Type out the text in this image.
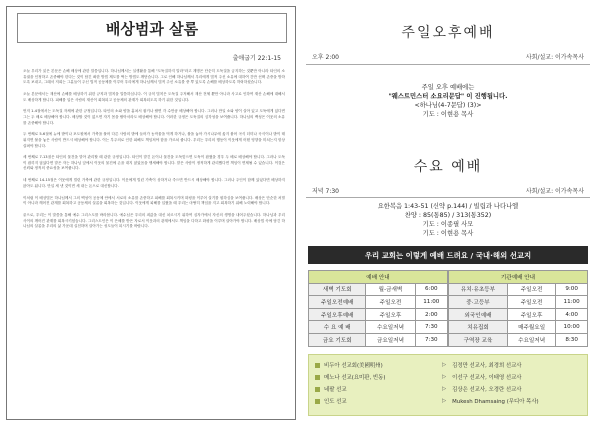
배상범과 살롬
출애굽기 22:1-15

오늘 우리가 읽은 본문은 손해 배상에 관한 말씀입니다. 하나님께서는 실생활을 통해 "도둑질하지 말라"라고 계명은 단순히 도둑질을 금지하는 것뿐만 아니라 타인의 소유권을 인정하고 존중해야 한다는 것이 담긴 좌한 방법 제도를 떡는 방법도 깨닫습니다. 그로 인해 하나님께서 우리에게 법적 주신 소유에 대하여 간만 선택 존중을 방하도록 보내고, 그래서 저희는 그분들이 주신 법적 공동체를 이루어 우리에게 하나님께서 법적 주신 소유를 중 뿌 있도록 손해를 배상하도록 허락하셨습니다.

오늘 본문에서는 재산에 손해를 배상하기 위한 규칙과 법칙을 말씀하십니다. 이 규칙 법칙은 도둑질 주저해서 재산 전체 뿐만 아니라 사고로 인하여 재산 손해에 대해서도 배상하게 합니다. 피해를 입은 사람의 재산이 회복되고 공동체의 관계가 회복되도록 하기 위한 것입니다.

먼저 1-4절에서는 도둑질 자체에 관한 규정입니다. 타인의 소와 양을 훔쳐서 잡거나 팔면 각 수만큼 배상해야 합니다. 그러나 만일 소와 양이 살아 있고 도둑에게 있다면 그는 두 배로 배상해야 합니다. 배상할 것이 없으면 자기 몸을 팔아서라도 배상해야 합니다. 이러한 규정은 도둑질의 심각성을 보여줍니다. 하나님의 백성은 이웃의 소유를 존중해야 합니다.

두 번째로 5-6절에 뉴에 밭이나 포도원에서 가축을 풀어 다른 사람의 밭에 들어가 농작물을 먹게 하거나, 불을 놓아 가시나무에 옮겨 붙어 곡식 더미나 곡식이나 밭이 태워지면 불을 놓은 사람이 반드시 배상해야 합니다. 이는 부주의로 인한 피해도 책임져야 함을 가르쳐 줍니다. 우리는 우리의 행동이 이웃에게 어떤 영향을 미치는지 항상 살펴야 합니다.

세 번째로 7-13절은 타인의 물건을 맡아 관리할 때 관한 규정입니다. 타인이 맡긴 돈이나 물건을 도둑맞으면 도둑이 잡혔을 경우 두 배로 배상해야 합니다. 그러나 도둑이 잡히지 않았다면 맡은 자는 하나님 앞에서 이웃의 물건에 손을 대지 않았음을 맹세해야 합니다. 맡은 사람이 정직하게 관리했다면 책임이 면제될 수 있습니다. 이것은 신뢰와 정직의 중요성을 보여줍니다.

네 번째로 14-15절은 이웃에게 빌린 가축에 관한 규정입니다. 이웃에게 빌린 가축이 상하거나 죽으면 반드시 배상해야 합니다. 그러나 주인이 함께 있었다면 배상하지 않아도 됩니다. 만일 세 낸 것이면 세 내는 돈으로 대신합니다.

이처럼 이 배상법은 하나님께서 그의 백성이 공동체 안에서 서로의 소유를 존중하고 피해를 회복시키며 화평을 이루어 살기를 원하심을 보여줍니다. 배상은 단순한 처벌이 아니라 깨어진 관계를 회복하고 공동체의 살롬을 회복하는 것입니다. 이웃에게 피해를 입혔을 때 우리는 마땅히 책임을 지고 회복하기 위해 노력해야 합니다.

끝으로, 우리는 이 말씀을 통해 예수 그리스도를 바라봅니다. 예수님은 우리의 죄값을 대신 치르시기 위하여 십자가에서 자신의 생명을 내어주셨습니다. 하나님과 우리 사이의 깨어진 관계를 회복시키셨습니다. 그리스도인은 이 은혜를 받은 자로서 이웃과의 관계에서도 책임을 다하고 화평을 이루며 살아가야 합니다. 배상법 속에 담긴 하나님의 살롬을 우리의 삶 가운데 실천하며 살아가는 성도들이 되시기를 바랍니다.

주일오후예배
오후 2:00	사회/설교: 이가속목사
주일 오후 예배에는
"웨스트민스터 소요리문답" 이 진행됩니다.
<하나님(4-7문답) (3)>
기도 : 이현용 목사
수요 예배
저녁 7:30	사회/설교: 이가속목사
요한복음 1:43-51 (신약 p.144) / 빌립과 나다나엘
찬양 : 85(통85) / 313(통352)
기도 : 이종필 사모
기도 : 이현용 목사
우리 교회는 이렇게 예배 드려요 / 국내·해외 선교지
예배 안내		
새벽 기도회	월-금새벽	6:00
주일오전예배	주일오전	11:00
주일오후예배	주일오후	2:00
수 요 예 배	수요일저녁	7:30
금요 기도회	금요일저녁	7:30
기관예배 안내		
유치·유초등부	주일오전	9:00
중·고등부	주일오전	11:00
외국인예배	주일오후	4:00
치유집회	매주월요일	10:00
구역장 교육	수요일저녁	8:30
비두아 선교회(美國明州)	▷ 김정만 선교사, 최경희 선교사
메노나 선교(요미판, 빈동)	▷ 이선구 선교사, 이태영 선교사
네팔 선교	▷ 김상은 선교사, 오경란 선교사
인도 선교	▷ Mukesh Dhamsaing (무디아 목사)
